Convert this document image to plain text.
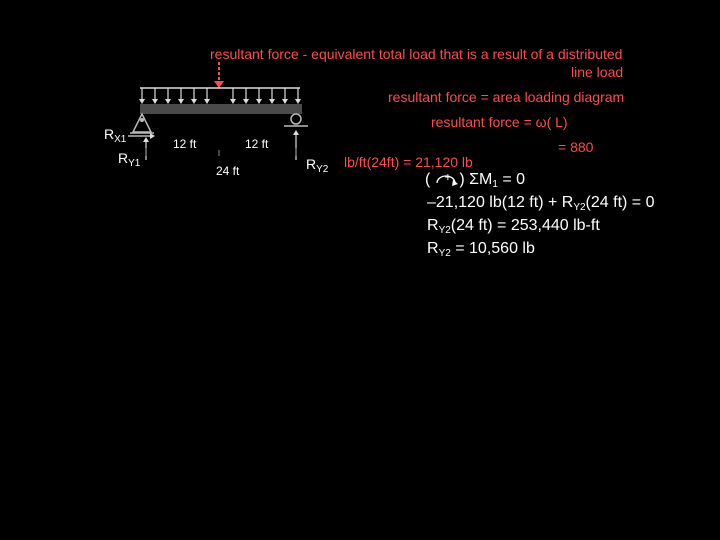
resultant force - equivalent total load that is a result of a distributed
line load
resultant force = area loading diagram
resultant force = ω( L)
= 880
lb/ft(24ft) = 21,120 lb
$R_{X1}$
$R_{Y1}$	$R_{Y2}$
12 ft	12 ft
24 ft	( + ) $\Sigma M_1 = 0$
–21,120 lb(12 $ft) + R_{Y2}(24$ ft) = 0
$R_{Y2}(24$ ft) = 253,440 lb-ft
$R_{Y2} = 10,560$ lb
